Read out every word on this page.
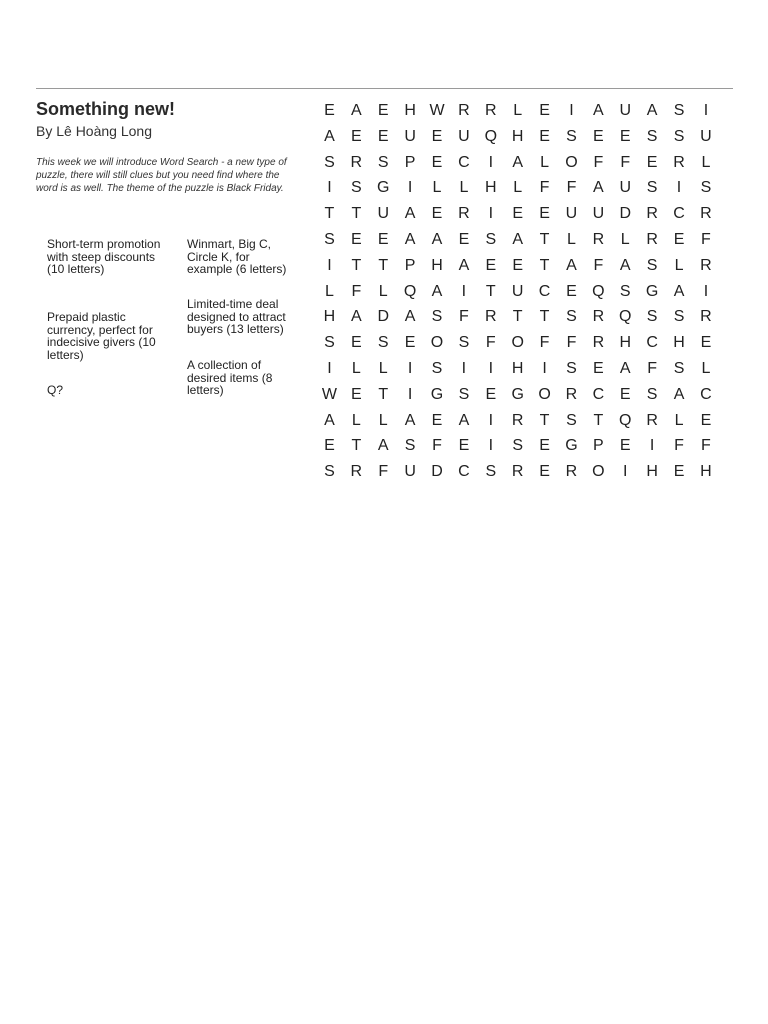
Something new!
By Lê Hoàng Long
This week we will introduce Word Search - a new type of puzzle, there will still clues but you need find where the word is as well. The theme of the puzzle is Black Friday.
Short-term promotion with steep discounts (10 letters)
Prepaid plastic currency, perfect for indecisive givers (10 letters)
Q?
Winmart, Big C, Circle K, for example (6 letters)
Limited-time deal designed to attract buyers (13 letters)
A collection of desired items (8 letters)
E	A	E H W R R	L	E	I	A U A	S	I
A	E	E U E U Q H E	S	E	E	S	S U
S R S	P	E C	I	A	L	O F	F	E R	L
I	S G	I	L	L	H	L	F	F	A U S	I	S
T	T	U A	E R	I	E	E U U D R C R
S	E	E	A	A	E	S	A	T	L	R	L	R E	F
I	T	T	P H A	E	E	T	A	F	A	S	L	R
L	F	L	Q A	I	T	U C E Q S G A	I
H A D A	S	F	R	T	T	S R Q S	S R
S	E	S	E O S	F O F	F	R H C H E
I	L	L	I	S	I	I	H	I	S	E	A	F	S	L
W E	T	I	G S	E G O R C E	S	A C
A	L	L	A	E	A	I	R	T	S	T Q R	L	E
E	T	A	S	F	E	I	S	E G P	E	I	F	F
S R	F	U D C S R E R O	I	H E H
